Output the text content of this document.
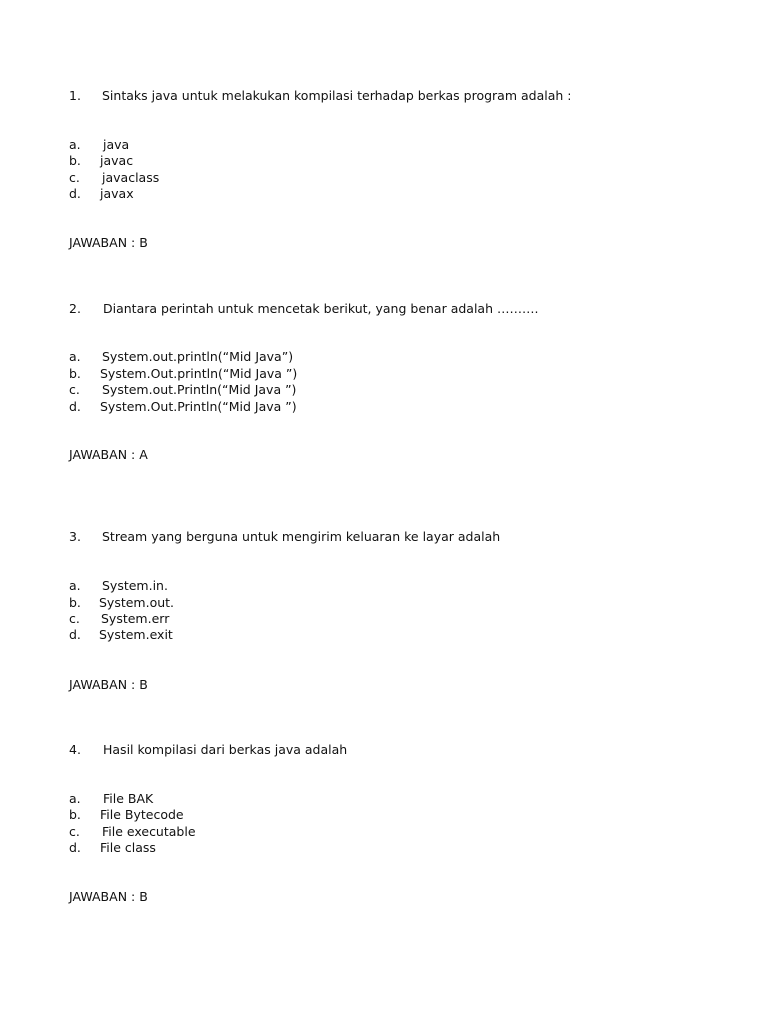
1. Sintaks java untuk melakukan kompilasi terhadap berkas program adalah :
a. java
b. javac
c. javaclass
d. javax
JAWABAN : B
2. Diantara perintah untuk mencetak berikut, yang benar adalah ……….
a. System.out.println(“Mid Java”)
b. System.Out.println(“Mid Java ”)
c. System.out.Println(“Mid Java ”)
d. System.Out.Println(“Mid Java ”)
JAWABAN : A
3. Stream yang berguna untuk mengirim keluaran ke layar adalah
a. System.in.
b. System.out.
c. System.err
d. System.exit
JAWABAN : B
4. Hasil kompilasi dari berkas java adalah
a. File BAK
b. File Bytecode
c. File executable
d. File class
JAWABAN : B
